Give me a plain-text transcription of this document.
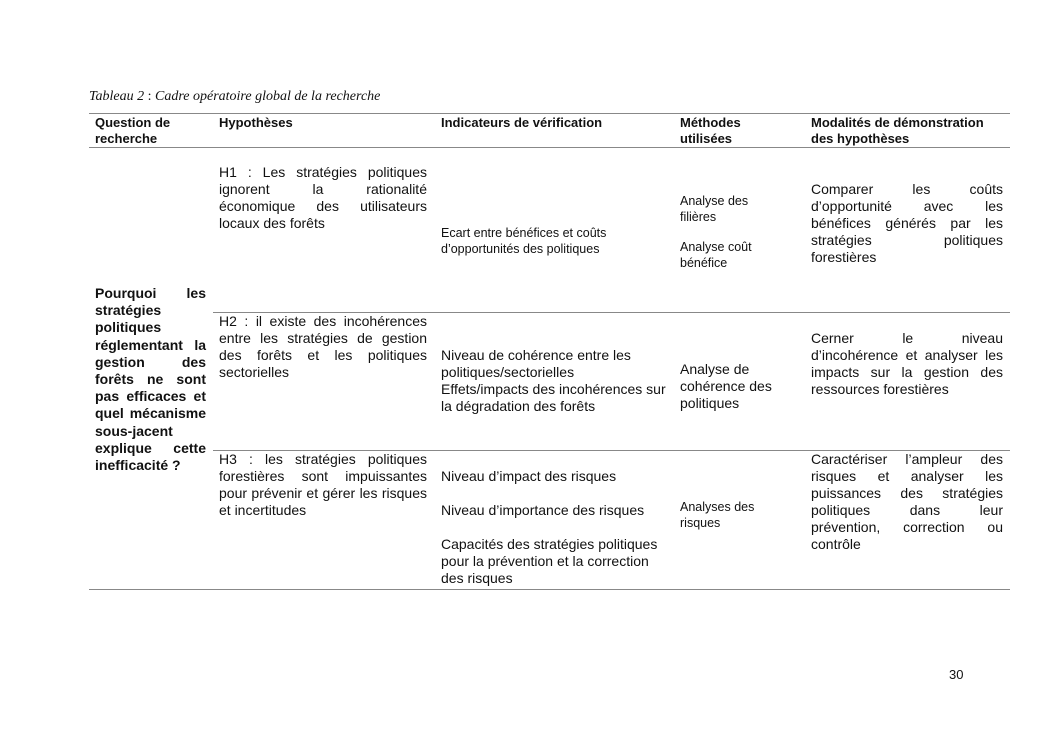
Tableau 2 : Cadre opératoire global de la recherche
Question de recherche
Hypothèses	Indicateurs de vérification	Méthodes utilisées
Modalités de démonstration des hypothèses
Pourquoi les stratégies politiques réglementant la gestion des forêts ne sont pas efficaces et quel mécanisme sous-jacent explique cette inefficacité ?
H1 : Les stratégies politiques ignorent la rationalité économique des utilisateurs locaux des forêts
Ecart entre bénéfices et coûts d’opportunités des politiques
Analyse des filières
Analyse coût bénéfice
Comparer les coûts d’opportunité avec les bénéfices générés par les stratégies politiques forestières
H2 : il existe des incohérences entre les stratégies de gestion des forêts et les politiques sectorielles
Niveau de cohérence entre les politiques/sectorielles
Effets/impacts des incohérences sur la dégradation des forêts
Analyse de cohérence des politiques
Cerner le niveau d’incohérence et analyser les impacts sur la gestion des ressources forestières
H3 : les stratégies politiques forestières sont impuissantes pour prévenir et gérer les risques et incertitudes
Niveau d’impact des risques
Niveau d’importance des risques
Capacités des stratégies politiques pour la prévention et la correction des risques
Analyses des risques
Caractériser l’ampleur des risques et analyser les puissances des stratégies politiques dans leur prévention, correction ou contrôle
30
